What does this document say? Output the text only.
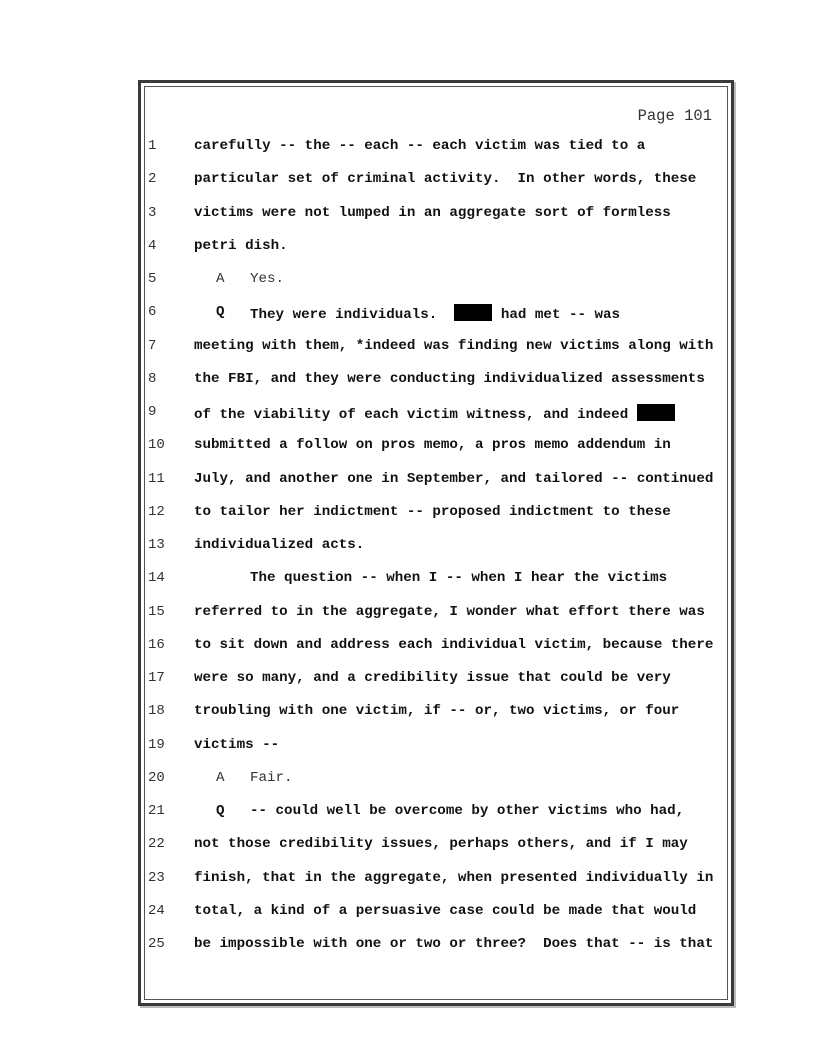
Page 101
1	carefully -- the -- each -- each victim was tied to a
2	particular set of criminal activity.  In other words, these
3	victims were not lumped in an aggregate sort of formless
4	petri dish.
5	A Yes.
6	Q They were individuals.	had met -- was
7	meeting with them, *indeed was finding new victims along with
8	the FBI, and they were conducting individualized assessments
9	of the viability of each victim witness, and indeed
10 submitted a follow on pros memo, a pros memo addendum in
11 July, and another one in September, and tailored -- continued
12 to tailor her indictment -- proposed indictment to these
13 individualized acts.
14	The question -- when I -- when I hear the victims
15 referred to in the aggregate, I wonder what effort there was
16 to sit down and address each individual victim, because there
17 were so many, and a credibility issue that could be very
18 troubling with one victim, if -- or, two victims, or four
19 victims --
20	A Fair.
21	Q -- could well be overcome by other victims who had,
22 not those credibility issues, perhaps others, and if I may
23 finish, that in the aggregate, when presented individually in
24 total, a kind of a persuasive case could be made that would
25 be impossible with one or two or three?  Does that -- is that
